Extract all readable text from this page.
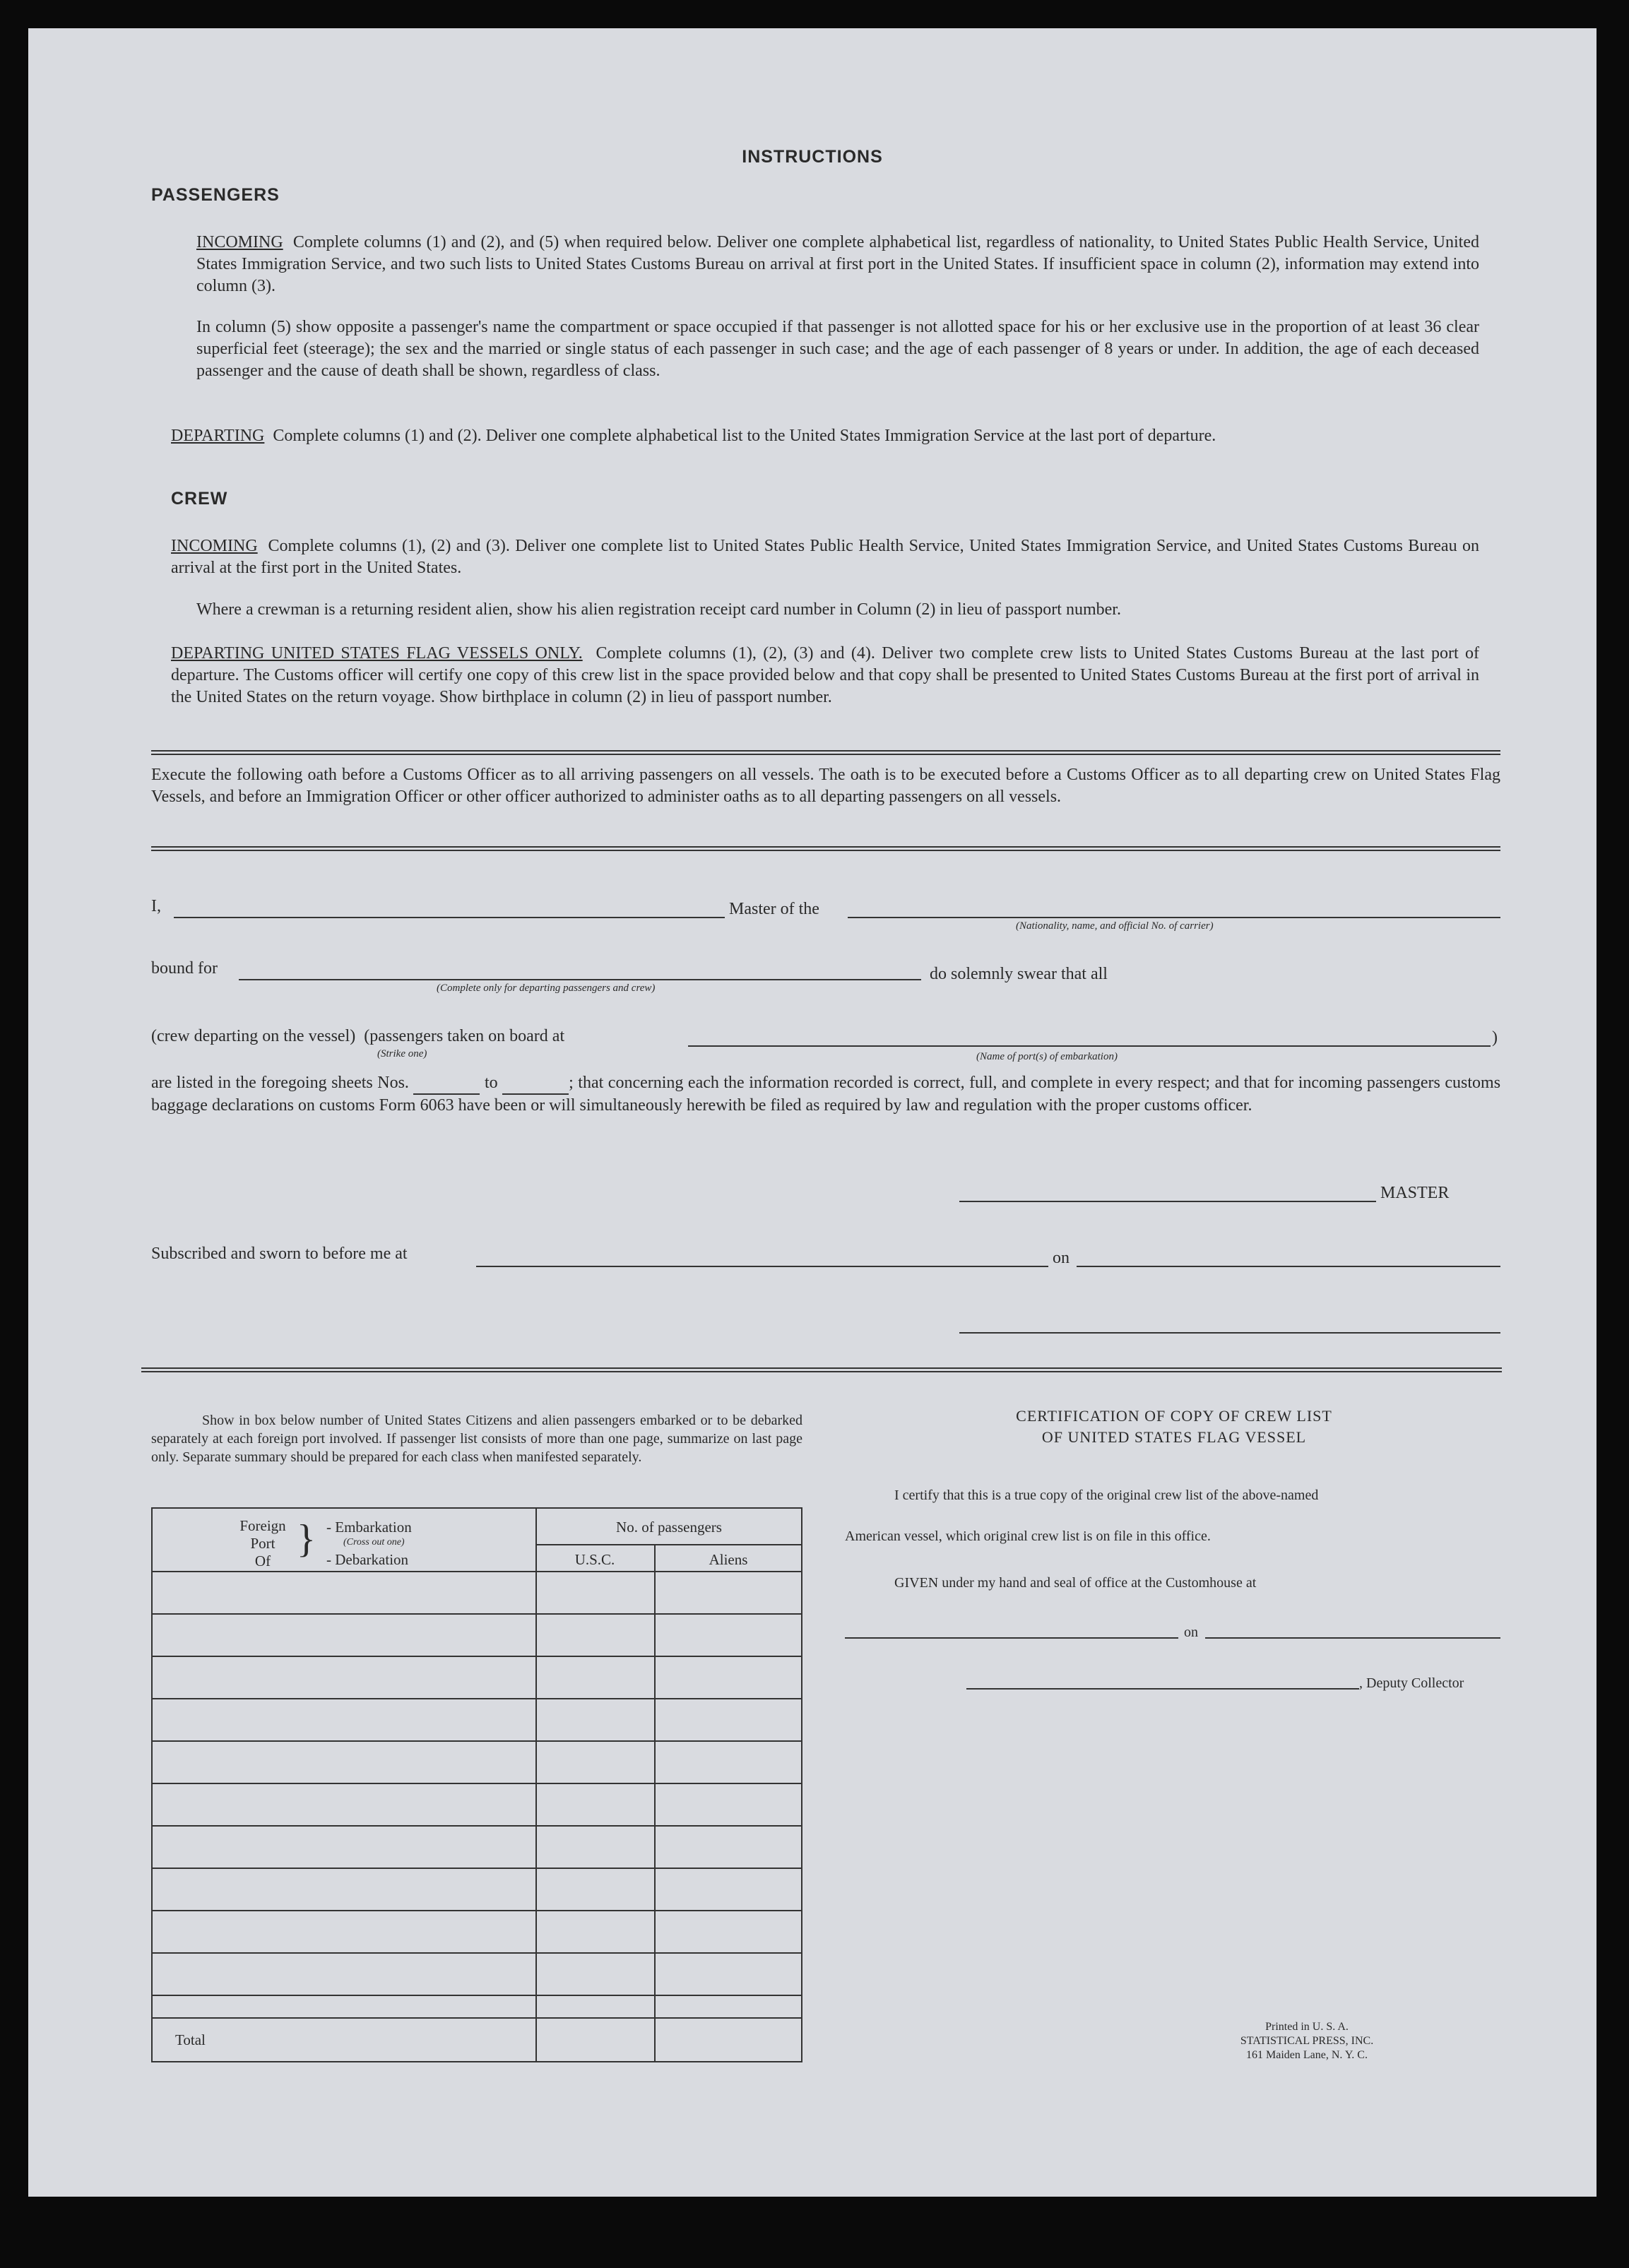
INSTRUCTIONS
PASSENGERS
INCOMING Complete columns (1) and (2), and (5) when required below. Deliver one complete alphabetical list, regardless of nationality, to United States Public Health Service, United States Immigration Service, and two such lists to United States Customs Bureau on arrival at first port in the United States. If insufficient space in column (2), information may extend into column (3).
In column (5) show opposite a passenger's name the compartment or space occupied if that passenger is not allotted space for his or her exclusive use in the proportion of at least 36 clear superficial feet (steerage); the sex and the married or single status of each passenger in such case; and the age of each passenger of 8 years or under. In addition, the age of each deceased passenger and the cause of death shall be shown, regardless of class.
DEPARTING Complete columns (1) and (2). Deliver one complete alphabetical list to the United States Immigration Service at the last port of departure.
CREW
INCOMING Complete columns (1), (2) and (3). Deliver one complete list to United States Public Health Service, United States Immigration Service, and United States Customs Bureau on arrival at the first port in the United States.
Where a crewman is a returning resident alien, show his alien registration receipt card number in Column (2) in lieu of passport number.
DEPARTING UNITED STATES FLAG VESSELS ONLY. Complete columns (1), (2), (3) and (4). Deliver two complete crew lists to United States Customs Bureau at the last port of departure. The Customs officer will certify one copy of this crew list in the space provided below and that copy shall be presented to United States Customs Bureau at the first port of arrival in the United States on the return voyage. Show birthplace in column (2) in lieu of passport number.
Execute the following oath before a Customs Officer as to all arriving passengers on all vessels. The oath is to be executed before a Customs Officer as to all departing crew on United States Flag Vessels, and before an Immigration Officer or other officer authorized to administer oaths as to all departing passengers on all vessels.
I,	Master of the
(Nationality, name, and official No. of carrier)
bound for
(Complete only for departing passengers and crew)
do solemnly swear that all
(crew departing on the vessel) (passengers taken on board at	)
(Strike one)	(Name of port(s) of embarkation)
are listed in the foregoing sheets Nos.	to	; that concerning each the information recorded is correct, full, and complete in every respect; and that for incoming passengers customs baggage declarations on customs Form 6063 have been or will simultaneously herewith be filed as required by law and regulation with the proper customs officer.
MASTER
Subscribed and sworn to before me at	on
Show in box below number of United States Citizens and alien passengers embarked or to be debarked separately at each foreign port involved. If passenger list consists of more than one page, summarize on last page only. Separate summary should be prepared for each class when manifested separately.
Foreign
Port
Of } - Embarkation
(Cross out one)
- Debarkation
No. of passengers
U.S.C.	Aliens
Total
CERTIFICATION OF COPY OF CREW LIST
OF UNITED STATES FLAG VESSEL
I certify that this is a true copy of the original crew list of the above-named
American vessel, which original crew list is on file in this office.
GIVEN under my hand and seal of office at the Customhouse at
on
, Deputy Collector
Printed in U. S. A.
STATISTICAL PRESS, INC.
161 Maiden Lane, N. Y. C.
